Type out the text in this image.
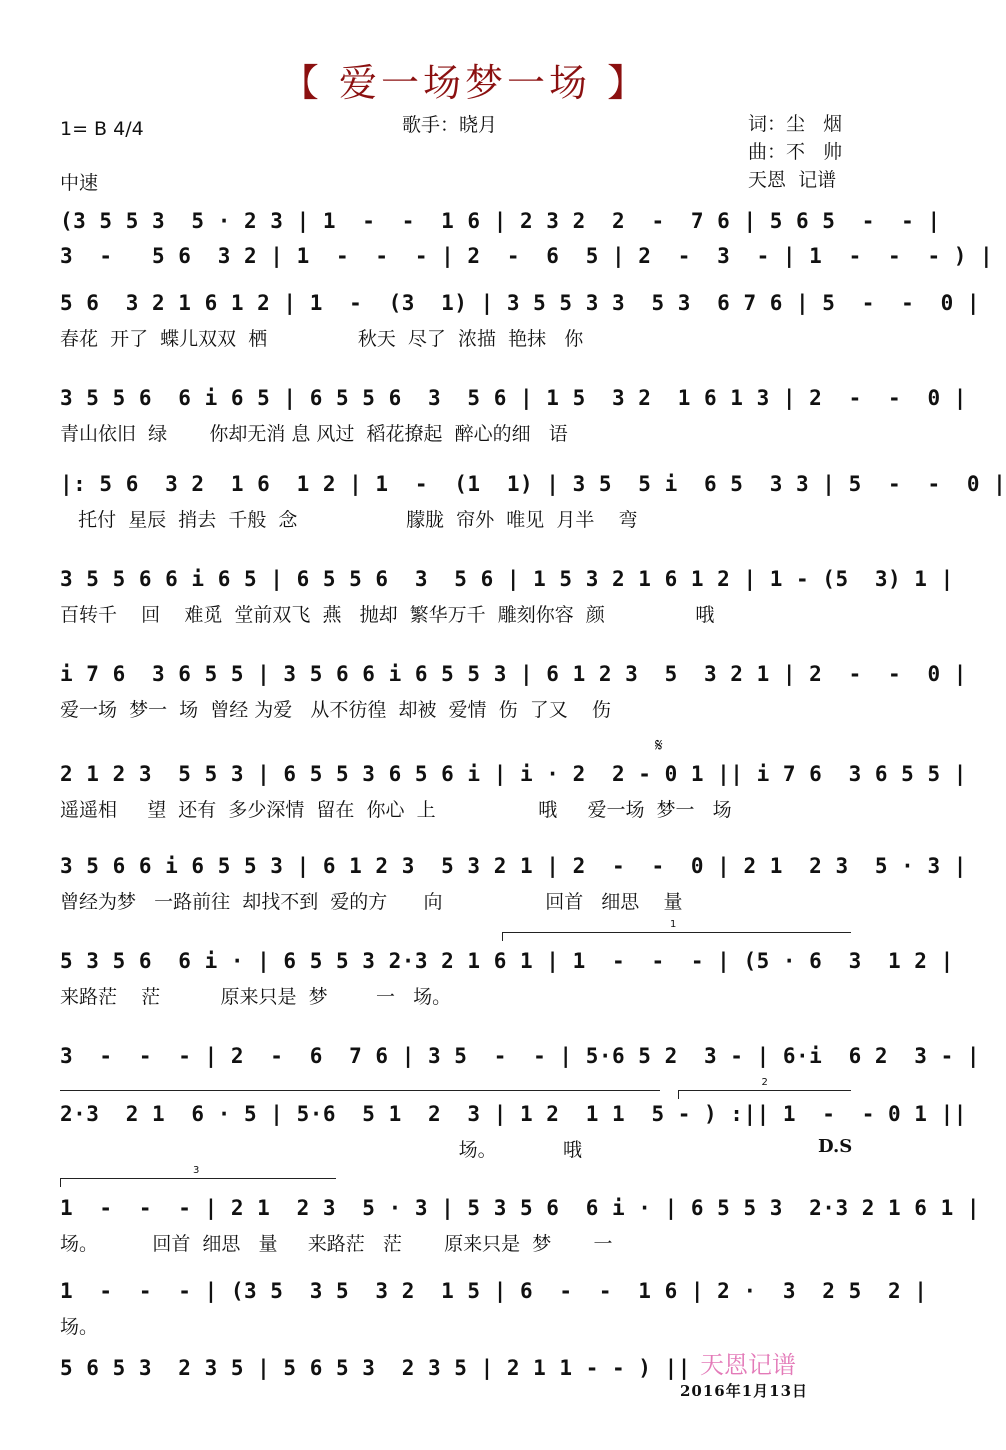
【 爱一场梦一场 】
1= B 4/4
中速
歌手：晓月	词：尘   烟
曲：不   帅
天恩  记谱
(3 5 5 3  5 · 2 3 | 1  -  -  1 6 | 2 3 2  2  -  7 6 | 5 6 5  -  - |
3  -   5 6  3 2 | 1  -  -  - | 2  -  6  5 | 2  -  3  - | 1  -  -  - ) |
5 6  3 2 1 6 1 2 | 1  -  (3  1) | 3 5 5 3 3  5 3  6 7 6 | 5  -  -  0 |
春花  开了  蝶儿双双  栖               秋天  尽了  浓描  艳抹   你
3 5 5 6  6 i 6 5 | 6 5 5 6  3  5 6 | 1 5  3 2  1 6 1 3 | 2  -  -  0 |
青山依旧  绿       你却无消 息 风过  稻花撩起  醉心的细   语
|: 5 6  3 2  1 6  1 2 | 1  -  (1  1) | 3 5  5 i  6 5  3 3 | 5  -  -  0 |
托付  星辰  捎去  千般  念                  朦胧  帘外  唯见  月半    弯
3 5 5 6 6 i 6 5 | 6 5 5 6  3  5 6 | 1 5 3 2 1 6 1 2 | 1 - (5  3) 1 |
百转千    回    难觅  堂前双飞  燕   抛却  繁华万千  雕刻你容  颜               哦
i 7 6  3 6 5 5 | 3 5 6 6 i 6 5 5 3 | 6 1 2 3  5  3 2 1 | 2  -  -  0 |
爱一场  梦一  场  曾经 为爱   从不彷徨  却被  爱情  伤  了又    伤
𝄋
2 1 2 3  5 5 3 | 6 5 5 3 6 5 6 i | i · 2  2 - 0 1 || i 7 6  3 6 5 5 |
遥遥相     望  还有  多少深情  留在  你心  上                 哦     爱一场  梦一   场
3 5 6 6 i 6 5 5 3 | 6 1 2 3  5 3 2 1 | 2  -  -  0 | 2 1  2 3  5 · 3 |
曾经为梦   一路前往  却找不到  爱的方      向                 回首   细思    量
1
5 3 5 6  6 i · | 6 5 5 3 2·3 2 1 6 1 | 1  -  -  - | (5 · 6  3  1 2 |
来路茫    茫          原来只是  梦        一   场。
3  -  -  - | 2  -  6  7 6 | 3 5  -  - | 5·6 5 2  3 - | 6·i  6 2  3 - |
2
2·3  2 1  6 · 5 | 5·6  5 1  2  3 | 1 2  1 1  5 - ) :|| 1  -  - 0 1 ||
场。           哦	D.S
3
1  -  -  - | 2 1  2 3  5 · 3 | 5 3 5 6  6 i · | 6 5 5 3  2·3 2 1 6 1 |
场。         回首  细思   量     来路茫   茫       原来只是  梦       一
1  -  -  - | (3 5  3 5  3 2  1 5 | 6  -  -  1 6 | 2 ·  3  2 5  2 |
场。
5 6 5 3  2 3 5 | 5 6 5 3  2 3 5 | 2 1 1 - - ) || 天恩记谱
2016年1月13日
